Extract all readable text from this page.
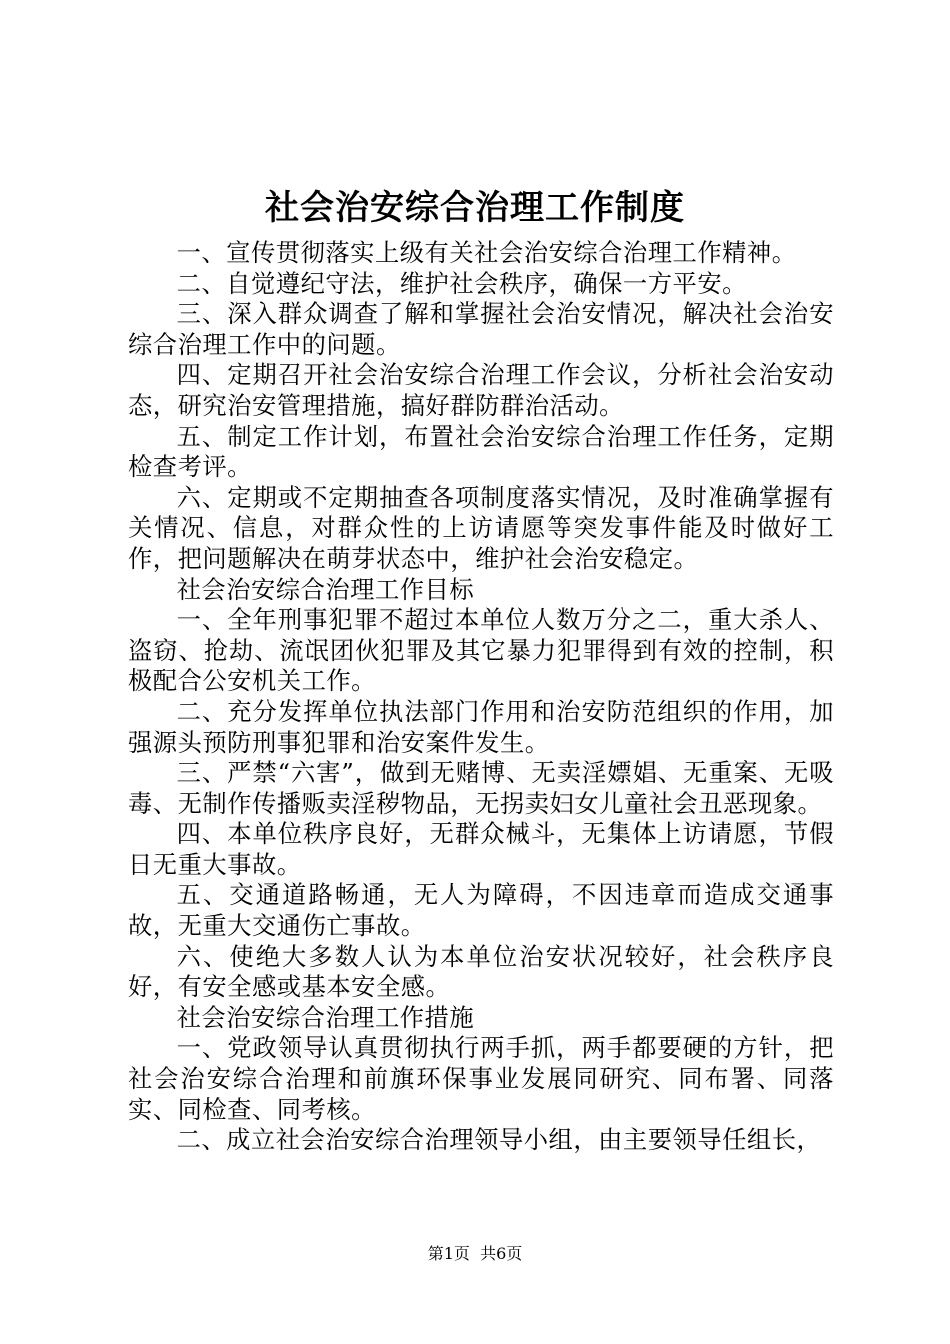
社会治安综合治理工作制度

一、宣传贯彻落实上级有关社会治安综合治理工作精神。

二、自觉遵纪守法，维护社会秩序，确保一方平安。

三、深入群众调查了解和掌握社会治安情况，解决社会治安综合治理工作中的问题。

四、定期召开社会治安综合治理工作会议，分析社会治安动态，研究治安管理措施，搞好群防群治活动。

五、制定工作计划，布置社会治安综合治理工作任务，定期检查考评。

六、定期或不定期抽查各项制度落实情况，及时准确掌握有关情况、信息，对群众性的上访请愿等突发事件能及时做好工作，把问题解决在萌芽状态中，维护社会治安稳定。

社会治安综合治理工作目标

一、全年刑事犯罪不超过本单位人数万分之二，重大杀人、盗窃、抢劫、流氓团伙犯罪及其它暴力犯罪得到有效的控制，积极配合公安机关工作。

二、充分发挥单位执法部门作用和治安防范组织的作用，加强源头预防刑事犯罪和治安案件发生。

三、严禁“六害”，做到无赌博、无卖淫嫖娼、无重案、无吸毒、无制作传播贩卖淫秽物品，无拐卖妇女儿童社会丑恶现象。

四、本单位秩序良好，无群众械斗，无集体上访请愿，节假日无重大事故。

五、交通道路畅通，无人为障碍，不因违章而造成交通事故，无重大交通伤亡事故。

六、使绝大多数人认为本单位治安状况较好，社会秩序良好，有安全感或基本安全感。

社会治安综合治理工作措施

一、党政领导认真贯彻执行两手抓，两手都要硬的方针，把社会治安综合治理和前旗环保事业发展同研究、同布署、同落实、同检查、同考核。

二、成立社会治安综合治理领导小组，由主要领导任组长，

第1页 共6页
